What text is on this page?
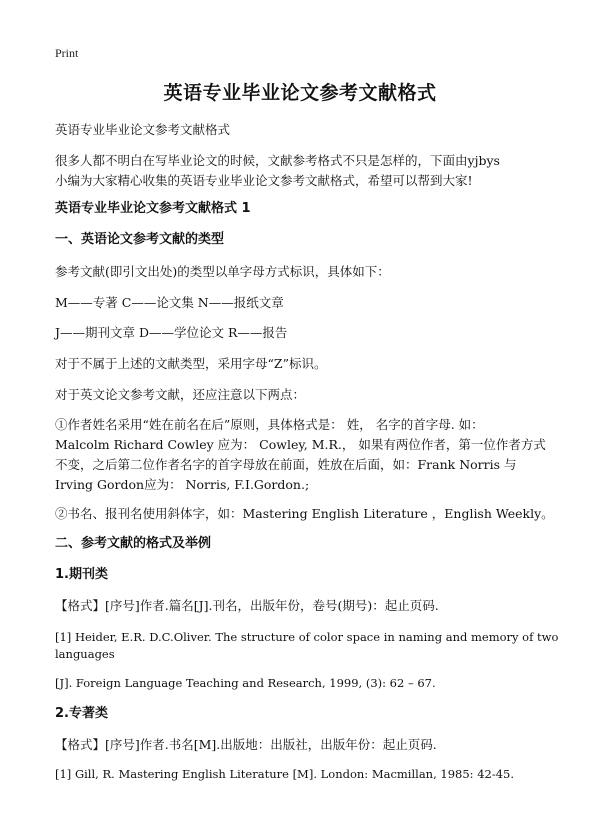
Print
英语专业毕业论文参考文献格式
英语专业毕业论文参考文献格式
很多人都不明白在写毕业论文的时候，文献参考格式不只是怎样的，下面由yjbys
小编为大家精心收集的英语专业毕业论文参考文献格式，希望可以帮到大家!
英语专业毕业论文参考文献格式 1
一、英语论文参考文献的类型
参考文献(即引文出处)的类型以单字母方式标识，具体如下：
M——专著 C——论文集 N——报纸文章
J——期刊文章 D——学位论文 R——报告
对于不属于上述的文献类型，采用字母“Z”标识。
对于英文论文参考文献，还应注意以下两点：
①作者姓名采用“姓在前名在后”原则，具体格式是： 姓， 名字的首字母. 如：
Malcolm Richard Cowley 应为： Cowley, M.R.， 如果有两位作者，第一位作者方式
不变，之后第二位作者名字的首字母放在前面，姓放在后面，如：Frank Norris 与
Irving Gordon应为： Norris, F.I.Gordon.;
②书名、报刊名使用斜体字，如：Mastering English Literature ，English Weekly。
二、参考文献的格式及举例
1.期刊类
【格式】[序号]作者.篇名[J].刊名，出版年份，卷号(期号)：起止页码.
[1] Heider, E.R. D.C.Oliver. The structure of color space in naming and memory of two
languages
[J]. Foreign Language Teaching and Research, 1999, (3): 62 – 67.
2.专著类
【格式】[序号]作者.书名[M].出版地：出版社，出版年份：起止页码.
[1] Gill, R. Mastering English Literature [M]. London: Macmillan, 1985: 42-45.
